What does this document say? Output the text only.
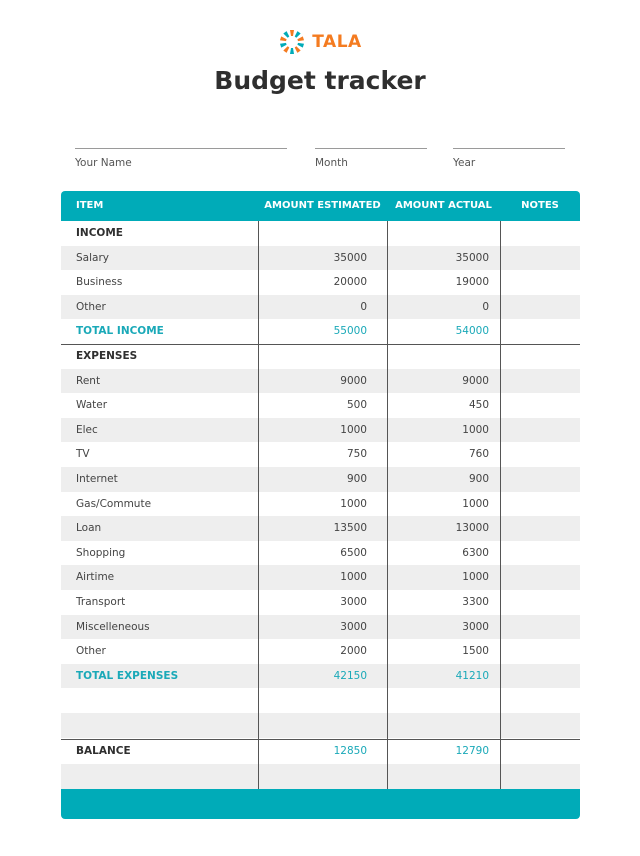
TALA
Budget tracker
Your Name	Month	Year
ITEM	AMOUNT ESTIMATED	AMOUNT ACTUAL	NOTES
INCOME
Salary	35000	35000
Business	20000	19000
Other	0	0
TOTAL INCOME	55000	54000
EXPENSES
Rent	9000	9000
Water	500	450
Elec	1000	1000
TV	750	760
Internet	900	900
Gas/Commute	1000	1000
Loan	13500	13000
Shopping	6500	6300
Airtime	1000	1000
Transport	3000	3300
Miscelleneous	3000	3000
Other	2000	1500
TOTAL EXPENSES	42150	41210
BALANCE	12850	12790
